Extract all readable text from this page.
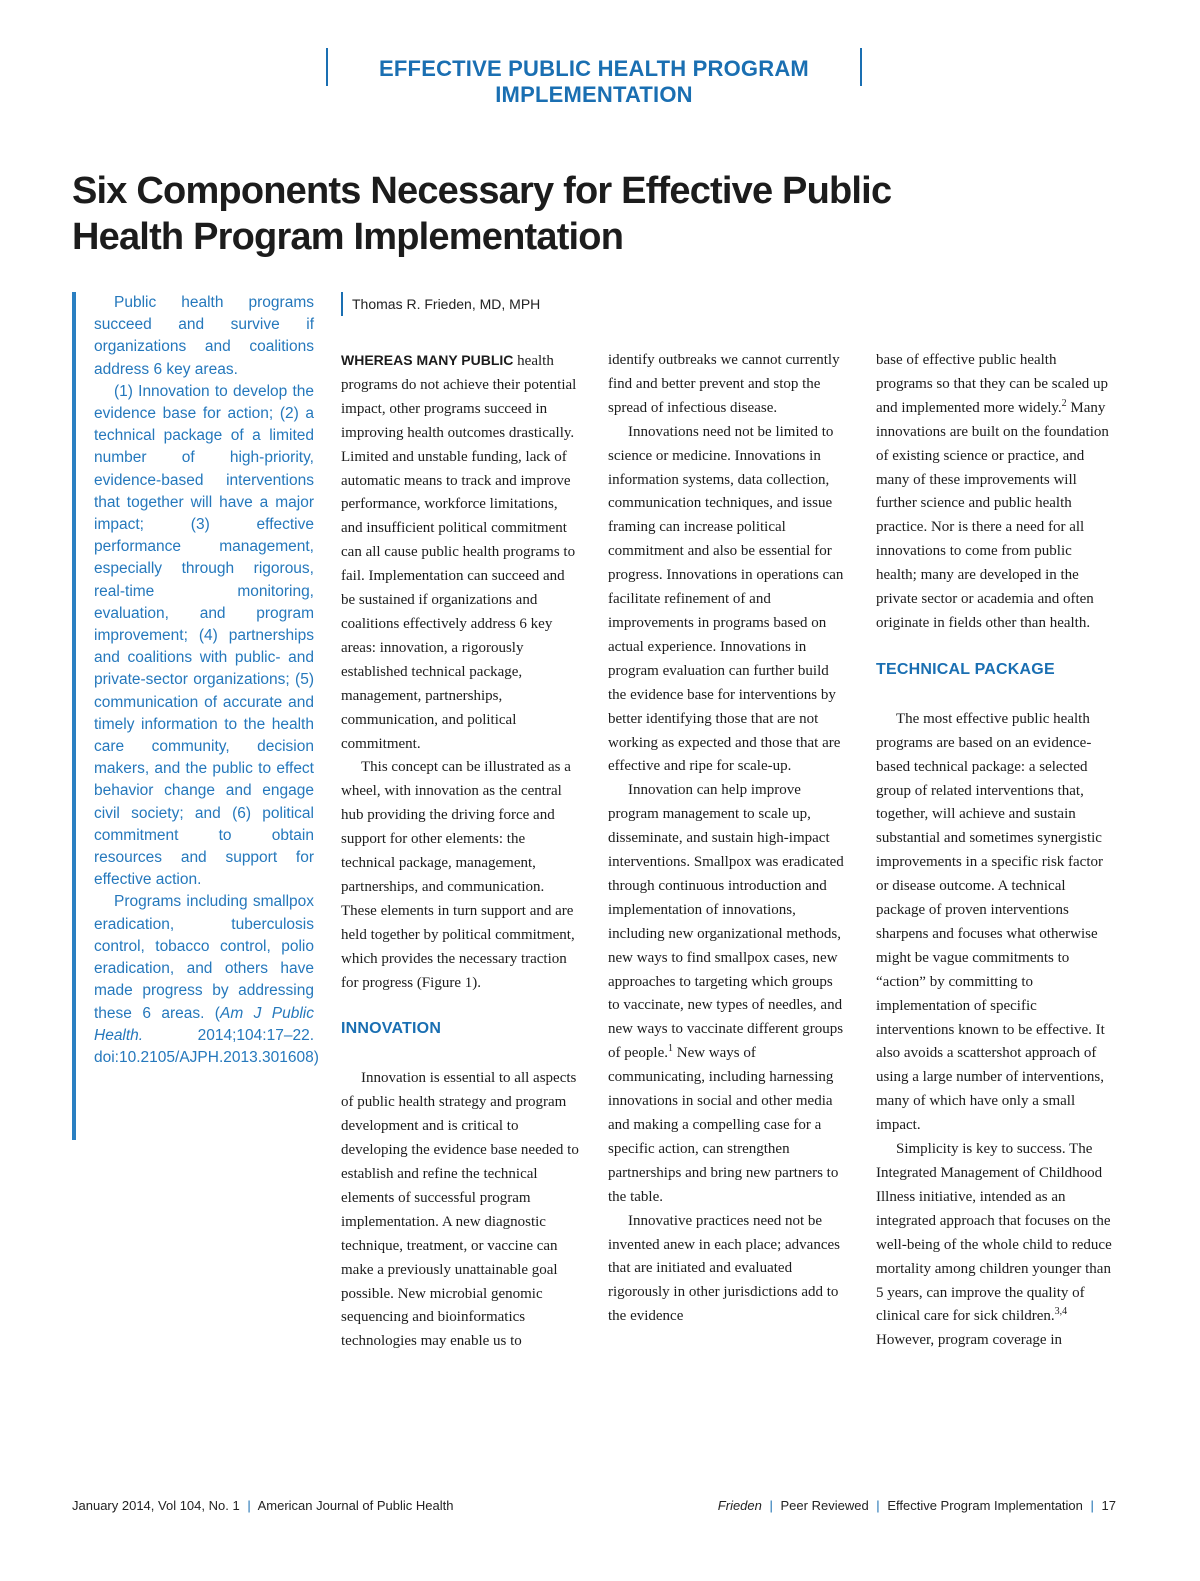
EFFECTIVE PUBLIC HEALTH PROGRAM IMPLEMENTATION
Six Components Necessary for Effective Public Health Program Implementation

Public health programs succeed and survive if organizations and coalitions address 6 key areas.

(1) Innovation to develop the evidence base for action; (2) a technical package of a limited number of high-priority, evidence-based interventions that together will have a major impact; (3) effective performance management, especially through rigorous, real-time monitoring, evaluation, and program improvement; (4) partnerships and coalitions with public- and private-sector organizations; (5) communication of accurate and timely information to the health care community, decision makers, and the public to effect behavior change and engage civil society; and (6) political commitment to obtain resources and support for effective action.

Programs including smallpox eradication, tuberculosis control, tobacco control, polio eradication, and others have made progress by addressing these 6 areas. (Am J Public Health. 2014;104:17–22. doi:10.2105/AJPH.2013.301608)

Thomas R. Frieden, MD, MPH

WHEREAS MANY PUBLIC health programs do not achieve their potential impact, other programs succeed in improving health outcomes drastically. Limited and unstable funding, lack of automatic means to track and improve performance, workforce limitations, and insufficient political commitment can all cause public health programs to fail. Implementation can succeed and be sustained if organizations and coalitions effectively address 6 key areas: innovation, a rigorously established technical package, management, partnerships, communication, and political commitment.

This concept can be illustrated as a wheel, with innovation as the central hub providing the driving force and support for other elements: the technical package, management, partnerships, and communication. These elements in turn support and are held together by political commitment, which provides the necessary traction for progress (Figure 1).

INNOVATION

Innovation is essential to all aspects of public health strategy and program development and is critical to developing the evidence base needed to establish and refine the technical elements of successful program implementation. A new diagnostic technique, treatment, or vaccine can make a previously unattainable goal possible. New microbial genomic sequencing and bioinformatics technologies may enable us to

identify outbreaks we cannot currently find and better prevent and stop the spread of infectious disease.

Innovations need not be limited to science or medicine. Innovations in information systems, data collection, communication techniques, and issue framing can increase political commitment and also be essential for progress. Innovations in operations can facilitate refinement of and improvements in programs based on actual experience. Innovations in program evaluation can further build the evidence base for interventions by better identifying those that are not working as expected and those that are effective and ripe for scale-up.

Innovation can help improve program management to scale up, disseminate, and sustain high-impact interventions. Smallpox was eradicated through continuous introduction and implementation of innovations, including new organizational methods, new ways to find smallpox cases, new approaches to targeting which groups to vaccinate, new types of needles, and new ways to vaccinate different groups of people.$^1$ New ways of communicating, including harnessing innovations in social and other media and making a compelling case for a specific action, can strengthen partnerships and bring new partners to the table.

Innovative practices need not be invented anew in each place; advances that are initiated and evaluated rigorously in other jurisdictions add to the evidence

base of effective public health programs so that they can be scaled up and implemented more widely.$^2$ Many innovations are built on the foundation of existing science or practice, and many of these improvements will further science and public health practice. Nor is there a need for all innovations to come from public health; many are developed in the private sector or academia and often originate in fields other than health.

TECHNICAL PACKAGE

The most effective public health programs are based on an evidence-based technical package: a selected group of related interventions that, together, will achieve and sustain substantial and sometimes synergistic improvements in a specific risk factor or disease outcome. A technical package of proven interventions sharpens and focuses what otherwise might be vague commitments to “action” by committing to implementation of specific interventions known to be effective. It also avoids a scattershot approach of using a large number of interventions, many of which have only a small impact.

Simplicity is key to success. The Integrated Management of Childhood Illness initiative, intended as an integrated approach that focuses on the well-being of the whole child to reduce mortality among children younger than 5 years, can improve the quality of clinical care for sick children.$^{3,4}$ However, program coverage in

January 2014, Vol 104, No. 1 | American Journal of Public Health	Frieden | Peer Reviewed | Effective Program Implementation | 17
